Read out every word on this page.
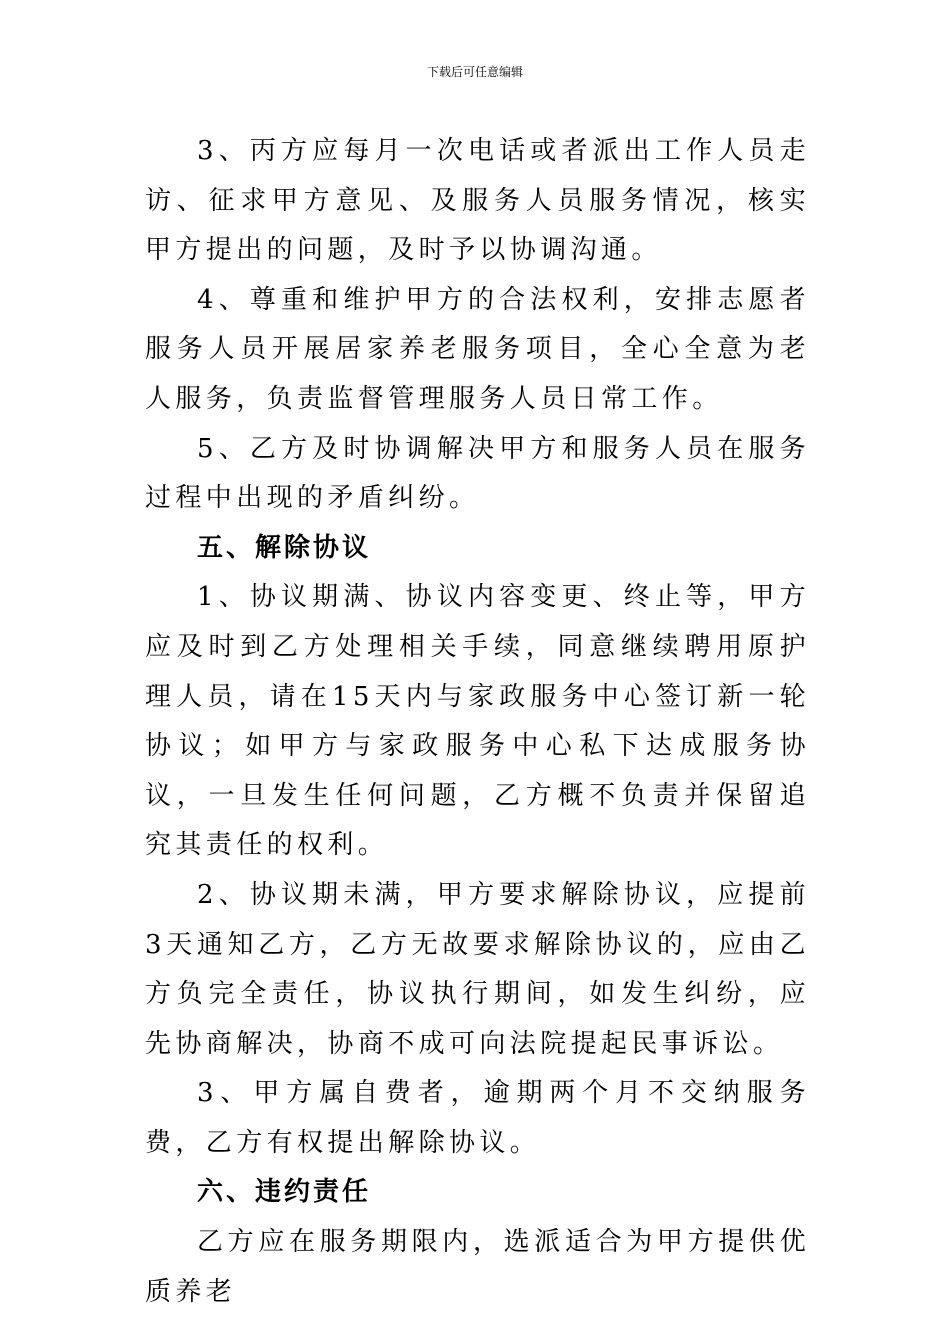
下载后可任意编辑

3、丙方应每月一次电话或者派出工作人员走访、征求甲方意见、及服务人员服务情况，核实甲方提出的问题，及时予以协调沟通。

4、尊重和维护甲方的合法权利，安排志愿者服务人员开展居家养老服务项目，全心全意为老人服务，负责监督管理服务人员日常工作。

5、乙方及时协调解决甲方和服务人员在服务过程中出现的矛盾纠纷。

五、解除协议

1、协议期满、协议内容变更、终止等，甲方应及时到乙方处理相关手续，同意继续聘用原护理人员，请在15天内与家政服务中心签订新一轮协议；如甲方与家政服务中心私下达成服务协议，一旦发生任何问题，乙方概不负责并保留追究其责任的权利。

2、协议期未满，甲方要求解除协议，应提前3天通知乙方，乙方无故要求解除协议的，应由乙方负完全责任，协议执行期间，如发生纠纷，应先协商解决，协商不成可向法院提起民事诉讼。

3、甲方属自费者，逾期两个月不交纳服务费，乙方有权提出解除协议。

六、违约责任

乙方应在服务期限内，选派适合为甲方提供优质养老
